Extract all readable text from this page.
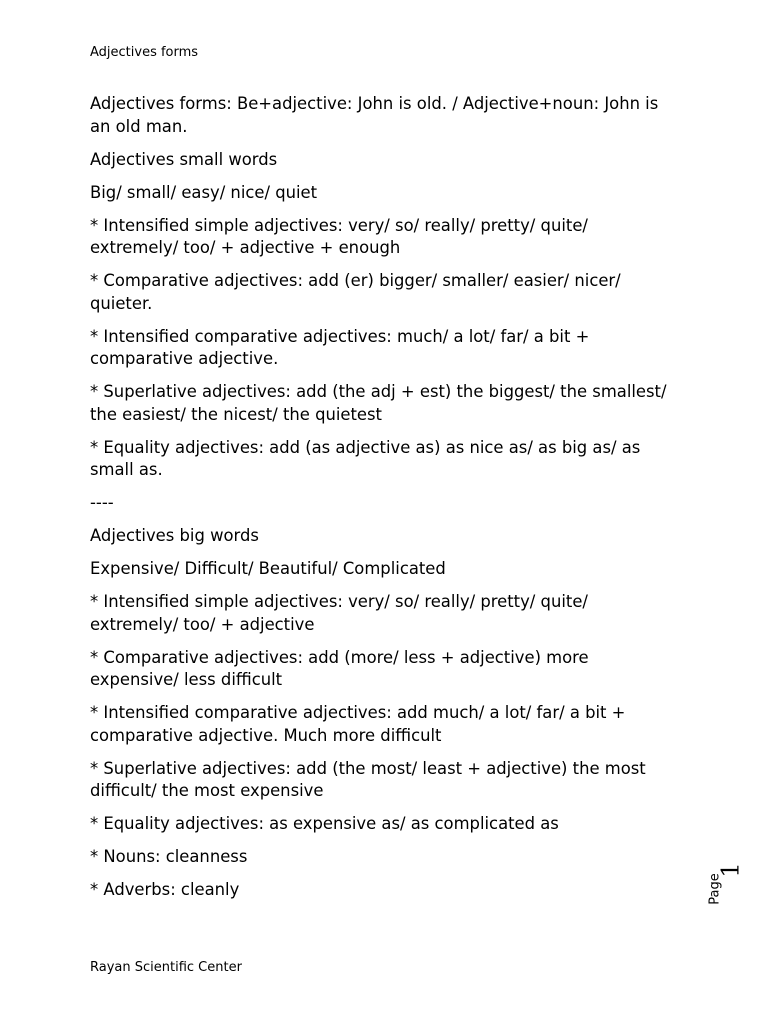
Adjectives forms

Adjectives forms: Be+adjective: John is old. / Adjective+noun: John is an old man.

Adjectives small words

Big/ small/ easy/ nice/ quiet

* Intensified simple adjectives: very/ so/ really/ pretty/ quite/ extremely/ too/ + adjective + enough

* Comparative adjectives: add (er) bigger/ smaller/ easier/ nicer/ quieter.

* Intensified comparative adjectives: much/ a lot/ far/ a bit + comparative adjective.

* Superlative adjectives: add (the adj + est) the biggest/ the smallest/ the easiest/ the nicest/ the quietest

* Equality adjectives: add (as adjective as) as nice as/ as big as/ as small as.

----

Adjectives big words

Expensive/ Difficult/ Beautiful/ Complicated

* Intensified simple adjectives: very/ so/ really/ pretty/ quite/ extremely/ too/ + adjective

* Comparative adjectives: add (more/ less + adjective) more expensive/ less difficult

* Intensified comparative adjectives: add much/ a lot/ far/ a bit + comparative adjective. Much more difficult

* Superlative adjectives: add (the most/ least + adjective) the most difficult/ the most expensive

* Equality adjectives: as expensive as/ as complicated as

* Nouns: cleanness

* Adverbs: cleanly	Page
1
Rayan Scientific Center
